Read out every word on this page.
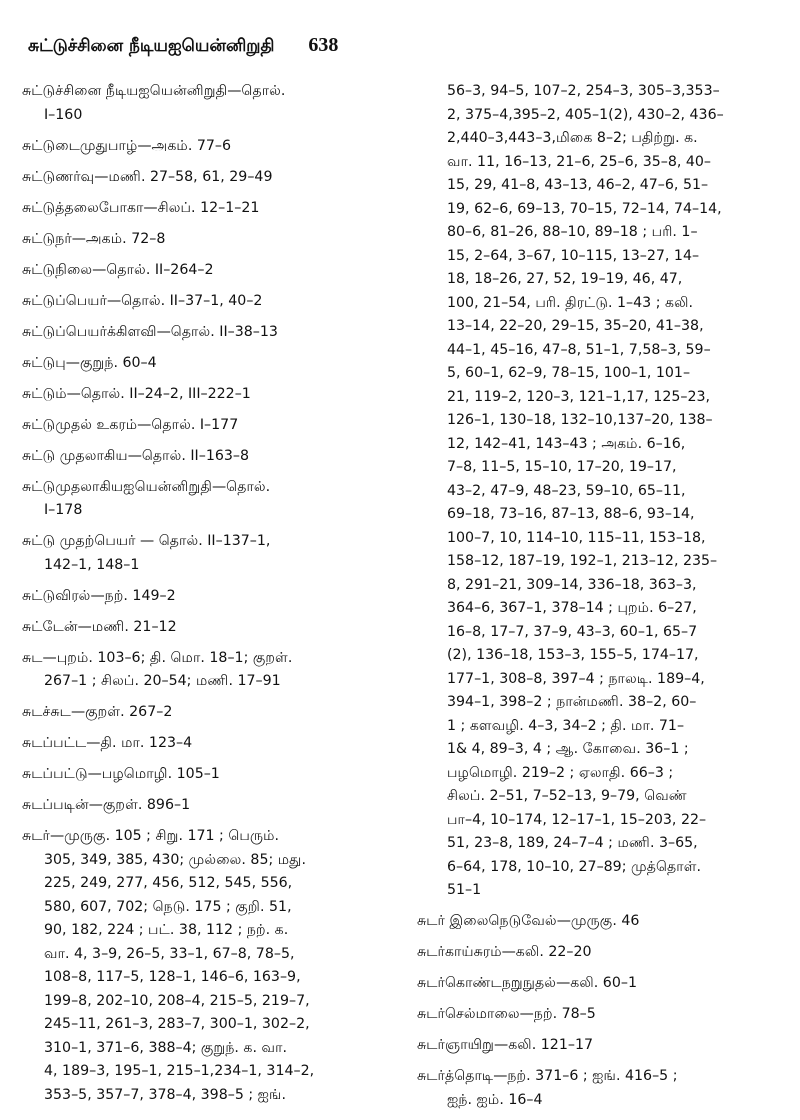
சுட்டுச்சினை நீடியஐயென்னிறுதி 638
சுட்டுச்சினை நீடியஐயென்னிறுதி—தொல்.
I–160
சுட்டுடைமுதுபாழ்—அகம். 77–6
சுட்டுணர்வு—மணி. 27–58, 61, 29–49
சுட்டுத்தலைபோகா—சிலப். 12–1–21
சுட்டுநர்—அகம். 72–8
சுட்டுநிலை—தொல். II–264–2
சுட்டுப்பெயர்—தொல். II–37–1, 40–2
சுட்டுப்பெயர்க்கிளவி—தொல். II–38–13
சுட்டுபு—குறுந். 60–4
சுட்டும்—தொல். II–24–2, III–222–1
சுட்டுமுதல் உகரம்—தொல். I–177
சுட்டு முதலாகிய—தொல். II–163–8
சுட்டுமுதலாகியஐயென்னிறுதி—தொல்.
I–178
சுட்டு முதற்பெயர் — தொல். II–137–1,
142–1, 148–1
சுட்டுவிரல்—நற். 149–2
சுட்டேன்—மணி. 21–12
சுட—புறம். 103–6; தி. மொ. 18–1; குறள்.
267–1 ; சிலப். 20–54; மணி. 17–91
சுடச்சுட—குறள். 267–2
சுடப்பட்ட—தி. மா. 123–4
சுடப்பட்டு—பழமொழி. 105–1
சுடப்படின்—குறள். 896–1
சுடர்—முருகு. 105 ; சிறு. 171 ; பெரும்.
305, 349, 385, 430; முல்லை. 85; மது.
225, 249, 277, 456, 512, 545, 556,
580, 607, 702; நெடு. 175 ; குறி. 51,
90, 182, 224 ; பட். 38, 112 ; நற். க.
வா. 4, 3–9, 26–5, 33–1, 67–8, 78–5,
108–8, 117–5, 128–1, 146–6, 163–9,
199–8, 202–10, 208–4, 215–5, 219–7,
245–11, 261–3, 283–7, 300–1, 302–2,
310–1, 371–6, 388–4; குறுந். க. வா.
4, 189–3, 195–1, 215–1,234–1, 314–2,
353–5, 357–7, 378–4, 398–5 ; ஐங்.
56–3, 94–5, 107–2, 254–3, 305–3,353–
2, 375–4,395–2, 405–1(2), 430–2, 436–
2,440–3,443–3,மிகை 8–2; பதிற்று. க.
வா. 11, 16–13, 21–6, 25–6, 35–8, 40–
15, 29, 41–8, 43–13, 46–2, 47–6, 51–
19, 62–6, 69–13, 70–15, 72–14, 74–14,
80–6, 81–26, 88–10, 89–18 ; பரி. 1–
15, 2–64, 3–67, 10–115, 13–27, 14–
18, 18–26, 27, 52, 19–19, 46, 47,
100, 21–54, பரி. திரட்டு. 1–43 ; கலி.
13–14, 22–20, 29–15, 35–20, 41–38,
44–1, 45–16, 47–8, 51–1, 7,58–3, 59–
5, 60–1, 62–9, 78–15, 100–1, 101–
21, 119–2, 120–3, 121–1,17, 125–23,
126–1, 130–18, 132–10,137–20, 138–
12, 142–41, 143–43 ; அகம். 6–16,
7–8, 11–5, 15–10, 17–20, 19–17,
43–2, 47–9, 48–23, 59–10, 65–11,
69–18, 73–16, 87–13, 88–6, 93–14,
100–7, 10, 114–10, 115–11, 153–18,
158–12, 187–19, 192–1, 213–12, 235–
8, 291–21, 309–14, 336–18, 363–3,
364–6, 367–1, 378–14 ; புறம். 6–27,
16–8, 17–7, 37–9, 43–3, 60–1, 65–7
(2), 136–18, 153–3, 155–5, 174–17,
177–1, 308–8, 397–4 ; நாலடி. 189–4,
394–1, 398–2 ; நான்மணி. 38–2, 60–
1 ; களவழி. 4–3, 34–2 ; தி. மா. 71–
1& 4, 89–3, 4 ; ஆ. கோவை. 36–1 ;
பழமொழி. 219–2 ; ஏலாதி. 66–3 ;
சிலப். 2–51, 7–52–13, 9–79, வெண்
பா–4, 10–174, 12–17–1, 15–203, 22–
51, 23–8, 189, 24–7–4 ; மணி. 3–65,
6–64, 178, 10–10, 27–89; முத்தொள்.
51–1
சுடர் இலைநெடுவேல்—முருகு. 46
சுடர்காய்சுரம்—கலி. 22–20
சுடர்கொண்டநறுநுதல்—கலி. 60–1
சுடர்செல்மாலை—நற். 78–5
சுடர்ஞாயிறு—கலி. 121–17
சுடர்த்தொடி—நற். 371–6 ; ஐங். 416–5 ;
ஐந். ஐம். 16–4
